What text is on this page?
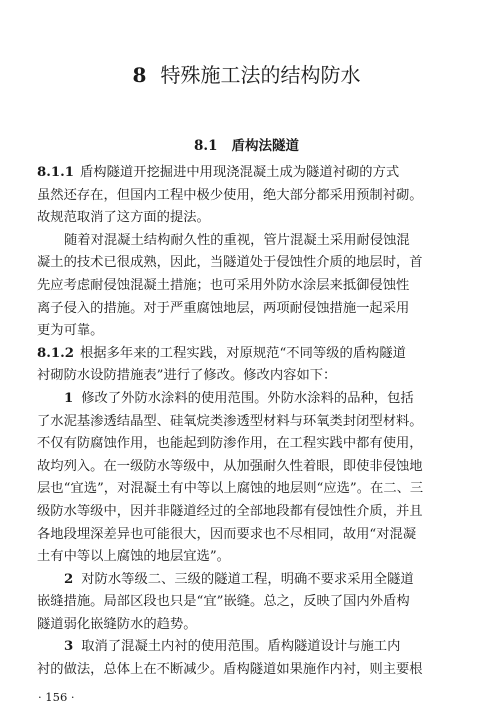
8 特殊施工法的结构防水
8.1 盾构法隧道
8.1.1 盾构隧道开挖掘进中用现浇混凝土成为隧道衬砌的方式
虽然还存在，但国内工程中极少使用，绝大部分都采用预制衬砌。
故规范取消了这方面的提法。
随着对混凝土结构耐久性的重视，管片混凝土采用耐侵蚀混
凝土的技术已很成熟，因此，当隧道处于侵蚀性介质的地层时，首
先应考虑耐侵蚀混凝土措施；也可采用外防水涂层来抵御侵蚀性
离子侵入的措施。对于严重腐蚀地层，两项耐侵蚀措施一起采用
更为可靠。
8.1.2 根据多年来的工程实践，对原规范“不同等级的盾构隧道
衬砌防水设防措施表”进行了修改。修改内容如下：
1 修改了外防水涂料的使用范围。外防水涂料的品种，包括
了水泥基渗透结晶型、硅氧烷类渗透型材料与环氧类封闭型材料。
不仅有防腐蚀作用，也能起到防渗作用，在工程实践中都有使用，
故均列入。在一级防水等级中，从加强耐久性着眼，即使非侵蚀地
层也“宜选”，对混凝土有中等以上腐蚀的地层则“应选”。在二、三
级防水等级中，因并非隧道经过的全部地段都有侵蚀性介质，并且
各地段埋深差异也可能很大，因而要求也不尽相同，故用“对混凝
土有中等以上腐蚀的地层宜选”。
2 对防水等级二、三级的隧道工程，明确不要求采用全隧道
嵌缝措施。局部区段也只是“宜”嵌缝。总之，反映了国内外盾构
隧道弱化嵌缝防水的趋势。
3 取消了混凝土内衬的使用范围。盾构隧道设计与施工内
衬的做法，总体上在不断减少。盾构隧道如果施作内衬，则主要根
· 156 ·
